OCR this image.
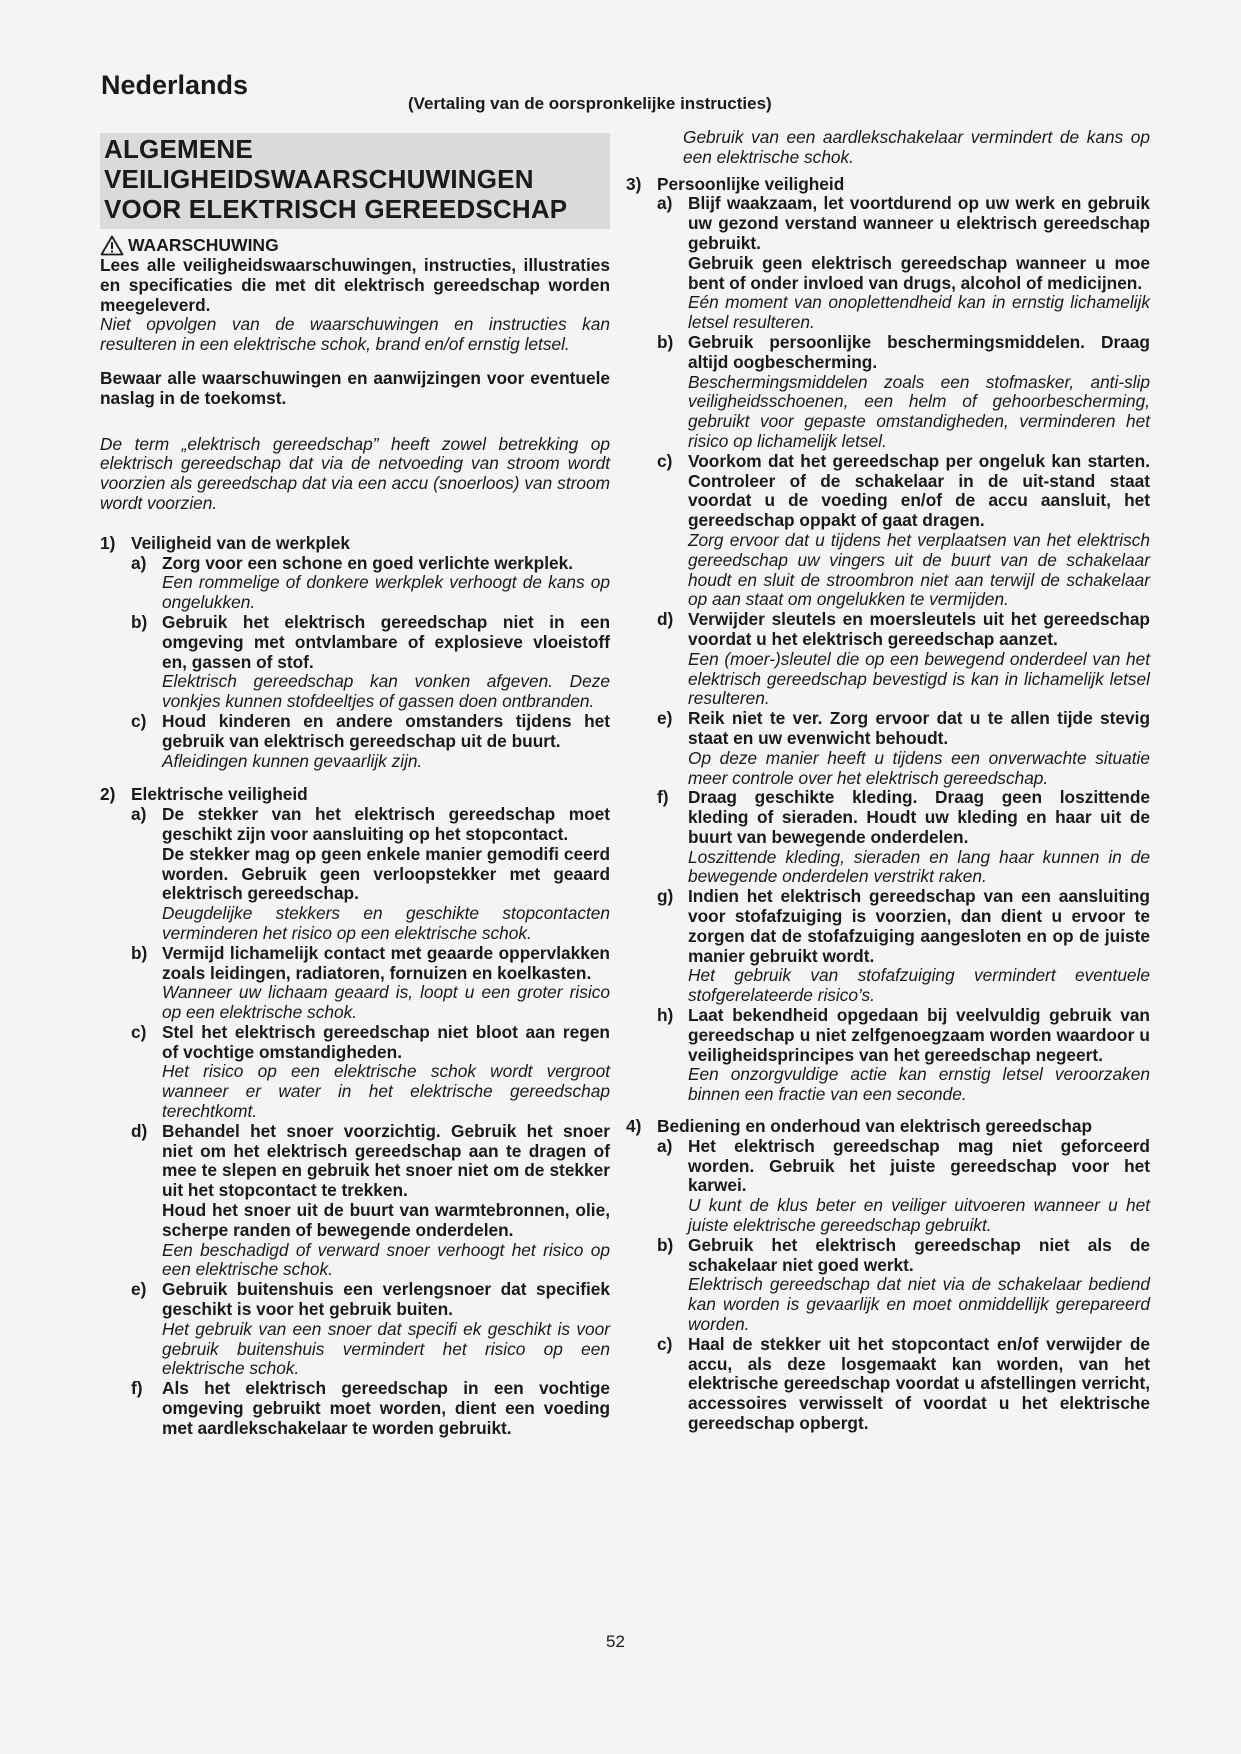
Nederlands
(Vertaling van de oorspronkelijke instructies)
ALGEMENE
VEILIGHEIDSWAARSCHUWINGEN
VOOR ELEKTRISCH GEREEDSCHAP
WAARSCHUWING

Lees alle veiligheidswaarschuwingen, instructies, illustraties en specificaties die met dit elektrisch gereedschap worden meegeleverd.

Niet opvolgen van de waarschuwingen en instructies kan resulteren in een elektrische schok, brand en/of ernstig letsel.

Bewaar alle waarschuwingen en aanwijzingen voor eventuele naslag in de toekomst.

De term „elektrisch gereedschap” heeft zowel betrekking op elektrisch gereedschap dat via de netvoeding van stroom wordt voorzien als gereedschap dat via een accu (snoerloos) van stroom wordt voorzien.

1) Veiligheid van de werkplek
a) Zorg voor een schone en goed verlichte werkplek.

Een rommelige of donkere werkplek verhoogt de kans op ongelukken.

b) Gebruik het elektrisch gereedschap niet in een omgeving met ontvlambare of explosieve vloeistoff en, gassen of stof.

Elektrisch gereedschap kan vonken afgeven. Deze vonkjes kunnen stofdeeltjes of gassen doen ontbranden.

c) Houd kinderen en andere omstanders tijdens het gebruik van elektrisch gereedschap uit de buurt.

Afleidingen kunnen gevaarlijk zijn.

2) Elektrische veiligheid
a) De stekker van het elektrisch gereedschap moet geschikt zijn voor aansluiting op het stopcontact.

De stekker mag op geen enkele manier gemodifi ceerd worden. Gebruik geen verloopstekker met geaard elektrisch gereedschap.

Deugdelijke stekkers en geschikte stopcontacten verminderen het risico op een elektrische schok.

b) Vermijd lichamelijk contact met geaarde oppervlakken zoals leidingen, radiatoren, fornuizen en koelkasten.

Wanneer uw lichaam geaard is, loopt u een groter risico op een elektrische schok.

c) Stel het elektrisch gereedschap niet bloot aan regen of vochtige omstandigheden.

Het risico op een elektrische schok wordt vergroot wanneer er water in het elektrische gereedschap terechtkomt.

d) Behandel het snoer voorzichtig. Gebruik het snoer niet om het elektrisch gereedschap aan te dragen of mee te slepen en gebruik het snoer niet om de stekker uit het stopcontact te trekken.

Houd het snoer uit de buurt van warmtebronnen, olie, scherpe randen of bewegende onderdelen.

Een beschadigd of verward snoer verhoogt het risico op een elektrische schok.

e) Gebruik buitenshuis een verlengsnoer dat specifiek geschikt is voor het gebruik buiten.

Het gebruik van een snoer dat specifi ek geschikt is voor gebruik buitenshuis vermindert het risico op een elektrische schok.

f)	Als het elektrisch gereedschap in een vochtige omgeving gebruikt moet worden, dient een voeding met aardlekschakelaar te worden gebruikt.

Gebruik van een aardlekschakelaar vermindert de kans op een elektrische schok.

3) Persoonlijke veiligheid
a) Blijf waakzaam, let voortdurend op uw werk en gebruik uw gezond verstand wanneer u elektrisch gereedschap gebruikt.

Gebruik geen elektrisch gereedschap wanneer u moe bent of onder invloed van drugs, alcohol of medicijnen.

Eén moment van onoplettendheid kan in ernstig lichamelijk letsel resulteren.

b) Gebruik persoonlijke beschermingsmiddelen. Draag altijd oogbescherming.

Beschermingsmiddelen zoals een stofmasker, anti-slip veiligheidsschoenen, een helm of gehoorbescherming, gebruikt voor gepaste omstandigheden, verminderen het risico op lichamelijk letsel.

c) Voorkom dat het gereedschap per ongeluk kan starten. Controleer of de schakelaar in de uit-stand staat voordat u de voeding en/of de accu aansluit, het gereedschap oppakt of gaat dragen.

Zorg ervoor dat u tijdens het verplaatsen van het elektrisch gereedschap uw vingers uit de buurt van de schakelaar houdt en sluit de stroombron niet aan terwijl de schakelaar op aan staat om ongelukken te vermijden.

d) Verwijder sleutels en moersleutels uit het gereedschap voordat u het elektrisch gereedschap aanzet.

Een (moer-)sleutel die op een bewegend onderdeel van het elektrisch gereedschap bevestigd is kan in lichamelijk letsel resulteren.

e) Reik niet te ver. Zorg ervoor dat u te allen tijde stevig staat en uw evenwicht behoudt.

Op deze manier heeft u tijdens een onverwachte situatie meer controle over het elektrisch gereedschap.

f)	Draag geschikte kleding. Draag geen loszittende kleding of sieraden. Houdt uw kleding en haar uit de buurt van bewegende onderdelen.

Loszittende kleding, sieraden en lang haar kunnen in de bewegende onderdelen verstrikt raken.

g) Indien het elektrisch gereedschap van een aansluiting voor stofafzuiging is voorzien, dan dient u ervoor te zorgen dat de stofafzuiging aangesloten en op de juiste manier gebruikt wordt.

Het gebruik van stofafzuiging vermindert eventuele stofgerelateerde risico’s.

h) Laat bekendheid opgedaan bij veelvuldig gebruik van gereedschap u niet zelfgenoegzaam worden waardoor u veiligheidsprincipes van het gereedschap negeert.

Een onzorgvuldige actie kan ernstig letsel veroorzaken binnen een fractie van een seconde.

4) Bediening en onderhoud van elektrisch gereedschap
a) Het elektrisch gereedschap mag niet geforceerd worden. Gebruik het juiste gereedschap voor het karwei.

U kunt de klus beter en veiliger uitvoeren wanneer u het juiste elektrische gereedschap gebruikt.

b) Gebruik het elektrisch gereedschap niet als de schakelaar niet goed werkt.

Elektrisch gereedschap dat niet via de schakelaar bediend kan worden is gevaarlijk en moet onmiddellijk gerepareerd worden.

c) Haal de stekker uit het stopcontact en/of verwijder de accu, als deze losgemaakt kan worden, van het elektrische gereedschap voordat u afstellingen verricht, accessoires verwisselt of voordat u het elektrische gereedschap opbergt.

52
